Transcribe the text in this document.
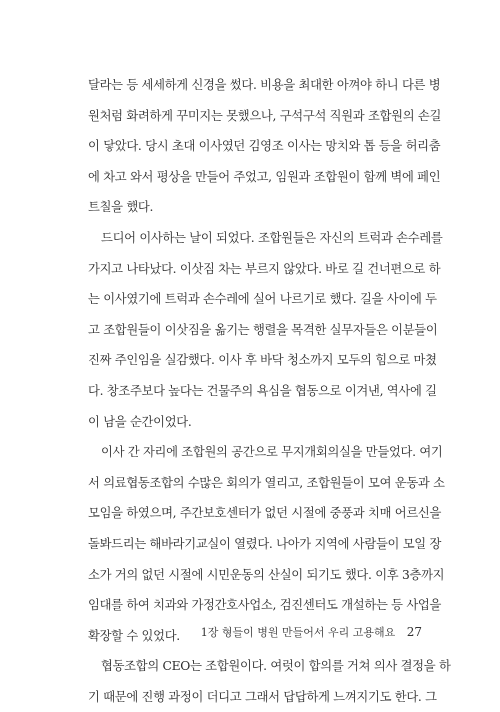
달라는 등 세세하게 신경을 썼다. 비용을 최대한 아껴야 하니 다른 병
원처럼 화려하게 꾸미지는 못했으나, 구석구석 직원과 조합원의 손길
이 닿았다. 당시 초대 이사였던 김영조 이사는 망치와 톱 등을 허리춤
에 차고 와서 평상을 만들어 주었고, 임원과 조합원이 함께 벽에 페인
트칠을 했다.
드디어 이사하는 날이 되었다. 조합원들은 자신의 트럭과 손수레를
가지고 나타났다. 이삿짐 차는 부르지 않았다. 바로 길 건너편으로 하
는 이사였기에 트럭과 손수레에 실어 나르기로 했다. 길을 사이에 두
고 조합원들이 이삿짐을 옮기는 행렬을 목격한 실무자들은 이분들이
진짜 주인임을 실감했다. 이사 후 바닥 청소까지 모두의 힘으로 마쳤
다. 창조주보다 높다는 건물주의 욕심을 협동으로 이겨낸, 역사에 길
이 남을 순간이었다.
이사 간 자리에 조합원의 공간으로 무지개회의실을 만들었다. 여기
서 의료협동조합의 수많은 회의가 열리고, 조합원들이 모여 운동과 소
모임을 하였으며, 주간보호센터가 없던 시절에 중풍과 치매 어르신을
돌봐드리는 해바라기교실이 열렸다. 나아가 지역에 사람들이 모일 장
소가 거의 없던 시절에 시민운동의 산실이 되기도 했다. 이후 3층까지
임대를 하여 치과와 가정간호사업소, 검진센터도 개설하는 등 사업을
확장할 수 있었다.
협동조합의 CEO는 조합원이다. 여럿이 합의를 거쳐 의사 결정을 하
기 때문에 진행 과정이 더디고 그래서 답답하게 느껴지기도 한다. 그
1장 형들이 병원 만들어서 우리 고용해요 27
